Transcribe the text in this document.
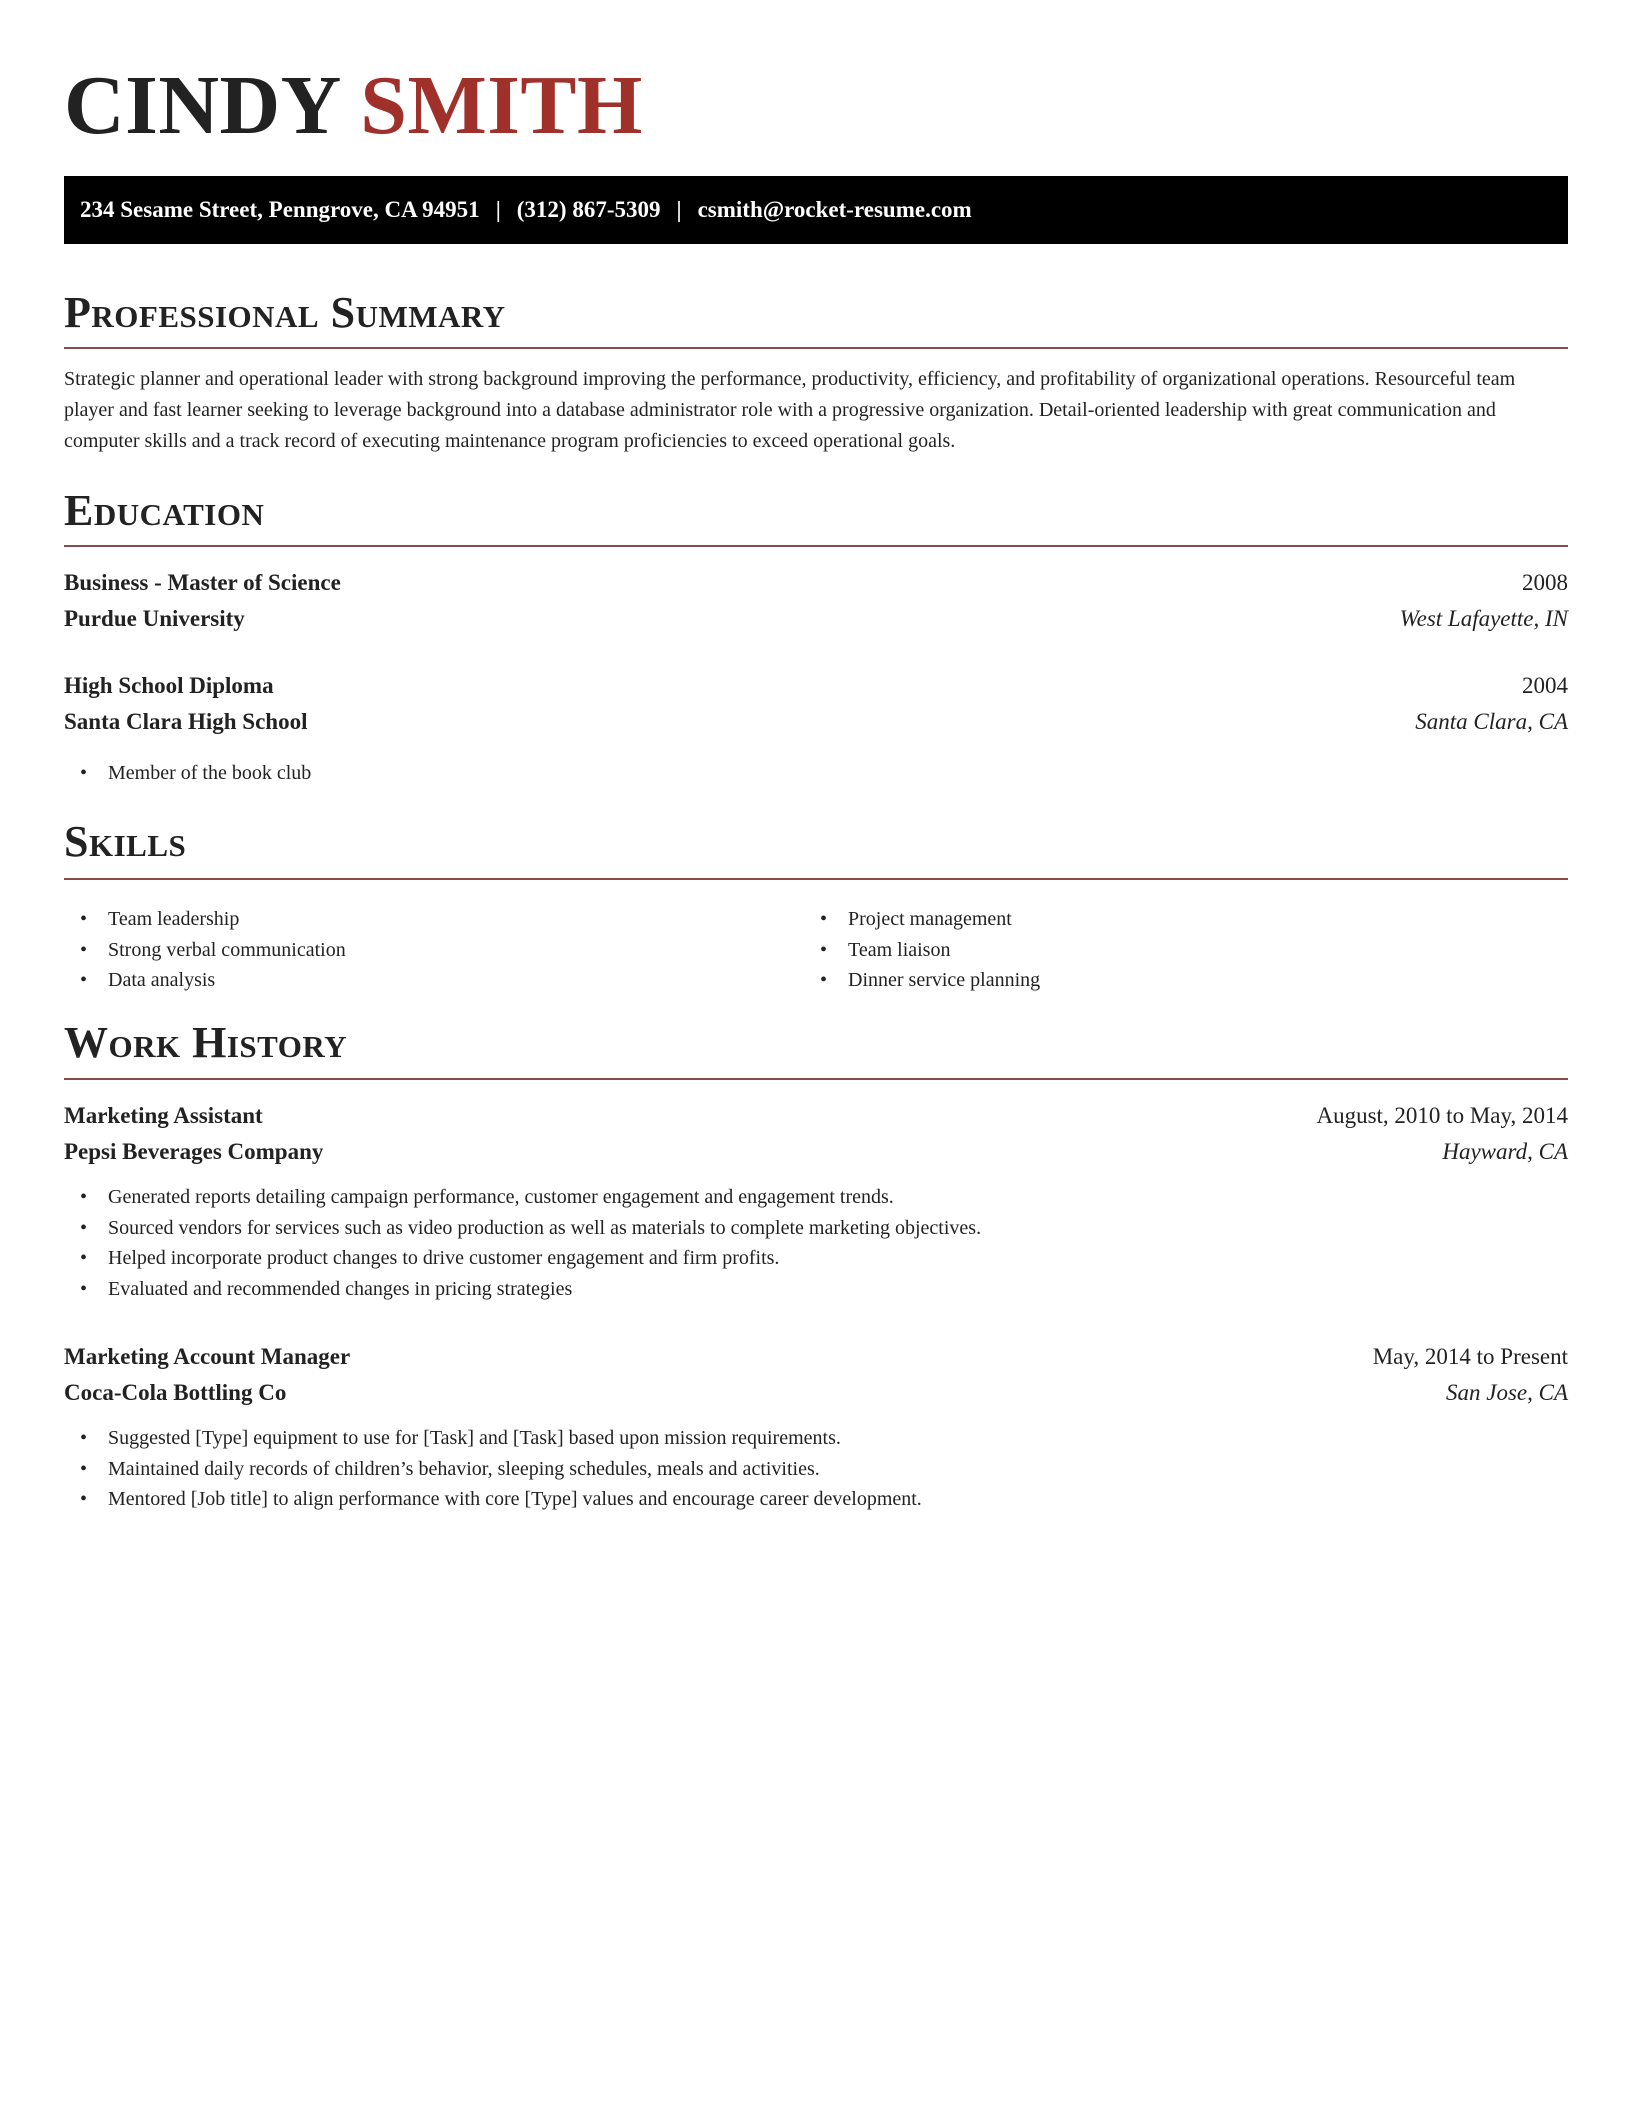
CINDY SMITH
234 Sesame Street, Penngrove, CA 94951 | (312) 867-5309 | csmith@rocket-resume.com
Professional Summary
Strategic planner and operational leader with strong background improving the performance, productivity, efficiency, and profitability of organizational operations. Resourceful team player and fast learner seeking to leverage background into a database administrator role with a progressive organization. Detail-oriented leadership with great communication and computer skills and a track record of executing maintenance program proficiencies to exceed operational goals.
Education
Business - Master of Science	2008
Purdue University	West Lafayette, IN
High School Diploma	2004
Santa Clara High School	Santa Clara, CA
• Member of the book club
Skills
• Team leadership
• Strong verbal communication
• Data analysis
• Project management
• Team liaison
• Dinner service planning
Work History
Marketing Assistant	August, 2010 to May, 2014
Pepsi Beverages Company	Hayward, CA
• Generated reports detailing campaign performance, customer engagement and engagement trends.
• Sourced vendors for services such as video production as well as materials to complete marketing objectives.
• Helped incorporate product changes to drive customer engagement and firm profits.
• Evaluated and recommended changes in pricing strategies
Marketing Account Manager	May, 2014 to Present
Coca-Cola Bottling Co	San Jose, CA
• Suggested [Type] equipment to use for [Task] and [Task] based upon mission requirements.
• Maintained daily records of children’s behavior, sleeping schedules, meals and activities.
• Mentored [Job title] to align performance with core [Type] values and encourage career development.
